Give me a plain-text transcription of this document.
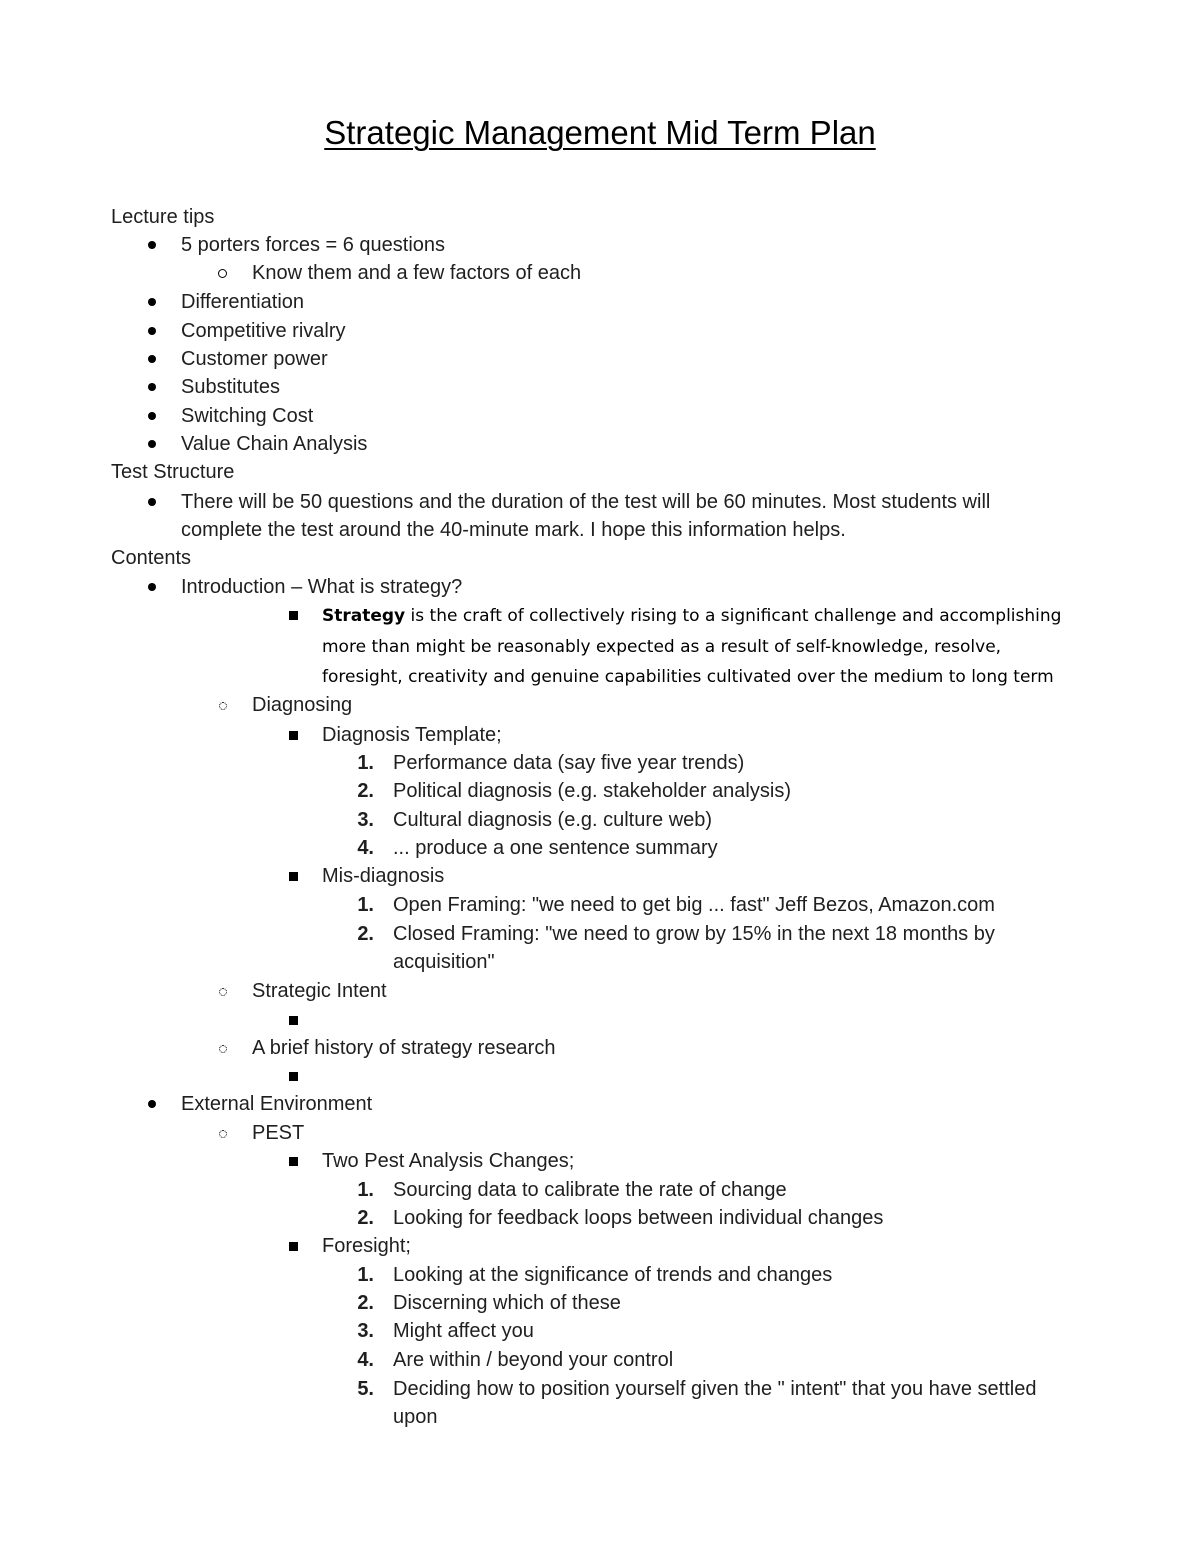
Strategic Management Mid Term Plan
Lecture tips
5 porters forces = 6 questions
Know them and a few factors of each
Differentiation
Competitive rivalry
Customer power
Substitutes
Switching Cost
Value Chain Analysis
Test Structure
There will be 50 questions and the duration of the test will be 60 minutes. Most students will
complete the test around the 40-minute mark. I hope this information helps.
Contents
Introduction – What is strategy?
Strategy is the craft of collectively rising to a significant challenge and accomplishing
more than might be reasonably expected as a result of self-knowledge, resolve,
foresight, creativity and genuine capabilities cultivated over the medium to long term
Diagnosing
Diagnosis Template;
1. Performance data (say five year trends)
2. Political diagnosis (e.g. stakeholder analysis)
3. Cultural diagnosis (e.g. culture web)
4. ... produce a one sentence summary
Mis-diagnosis
1. Open Framing: "we need to get big ... fast" Jeff Bezos, Amazon.com
2. Closed Framing: "we need to grow by 15% in the next 18 months by
acquisition"
Strategic Intent
A brief history of strategy research
External Environment
PEST
Two Pest Analysis Changes;
1. Sourcing data to calibrate the rate of change
2. Looking for feedback loops between individual changes
Foresight;
1. Looking at the significance of trends and changes
2. Discerning which of these
3. Might affect you
4. Are within / beyond your control
5. Deciding how to position yourself given the " intent" that you have settled
upon
